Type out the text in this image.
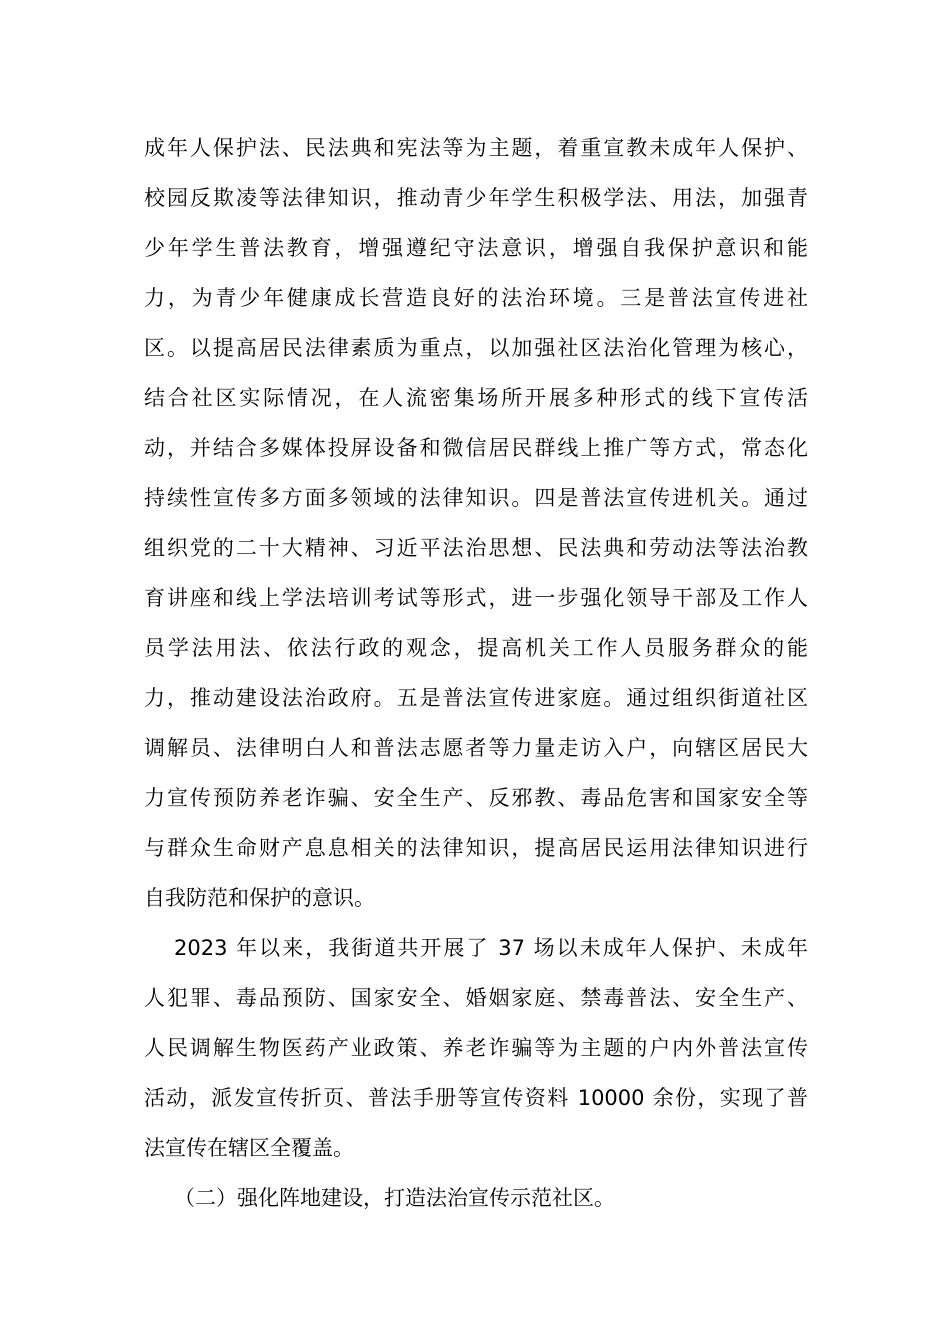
成年人保护法、民法典和宪法等为主题，着重宣教未成年人保护、
校园反欺凌等法律知识，推动青少年学生积极学法、用法，加强青
少年学生普法教育，增强遵纪守法意识，增强自我保护意识和能
力，为青少年健康成长营造良好的法治环境。三是普法宣传进社
区。以提高居民法律素质为重点，以加强社区法治化管理为核心，
结合社区实际情况，在人流密集场所开展多种形式的线下宣传活
动，并结合多媒体投屏设备和微信居民群线上推广等方式，常态化
持续性宣传多方面多领域的法律知识。四是普法宣传进机关。通过
组织党的二十大精神、习近平法治思想、民法典和劳动法等法治教
育讲座和线上学法培训考试等形式，进一步强化领导干部及工作人
员学法用法、依法行政的观念，提高机关工作人员服务群众的能
力，推动建设法治政府。五是普法宣传进家庭。通过组织街道社区
调解员、法律明白人和普法志愿者等力量走访入户，向辖区居民大
力宣传预防养老诈骗、安全生产、反邪教、毒品危害和国家安全等
与群众生命财产息息相关的法律知识，提高居民运用法律知识进行
自我防范和保护的意识。
2023 年以来，我街道共开展了 37 场以未成年人保护、未成年
人犯罪、毒品预防、国家安全、婚姻家庭、禁毒普法、安全生产、
人民调解生物医药产业政策、养老诈骗等为主题的户内外普法宣传
活动，派发宣传折页、普法手册等宣传资料 10000 余份，实现了普
法宣传在辖区全覆盖。
（二）强化阵地建设，打造法治宣传示范社区。
